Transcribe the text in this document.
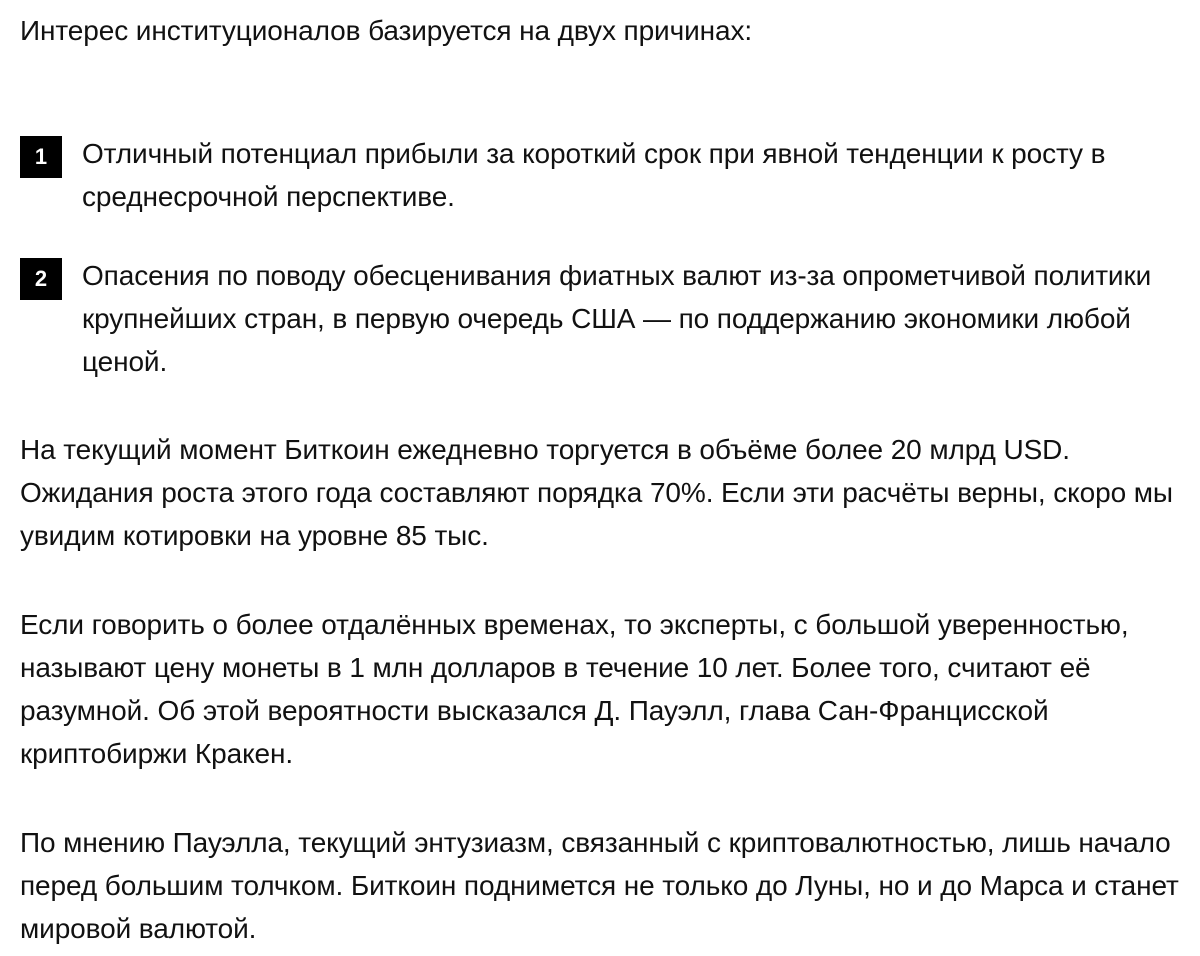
Интерес институционалов базируется на двух причинах:

1	Отличный потенциал прибыли за короткий срок при явной тенденции к росту в среднесрочной перспективе.

2	Опасения по поводу обесценивания фиатных валют из-за опрометчивой политики крупнейших стран, в первую очередь США — по поддержанию экономики любой ценой.

На текущий момент Биткоин ежедневно торгуется в объёме более 20 млрд USD. Ожидания роста этого года составляют порядка 70%. Если эти расчёты верны, скоро мы увидим котировки на уровне 85 тыс.

Если говорить о более отдалённых временах, то эксперты, с большой уверенностью, называют цену монеты в 1 млн долларов в течение 10 лет. Более того, считают её разумной. Об этой вероятности высказался Д. Пауэлл, глава Сан-Францисской криптобиржи Кракен.

По мнению Пауэлла, текущий энтузиазм, связанный с криптовалютностью, лишь начало перед большим толчком. Биткоин поднимется не только до Луны, но и до Марса и станет мировой валютой.
